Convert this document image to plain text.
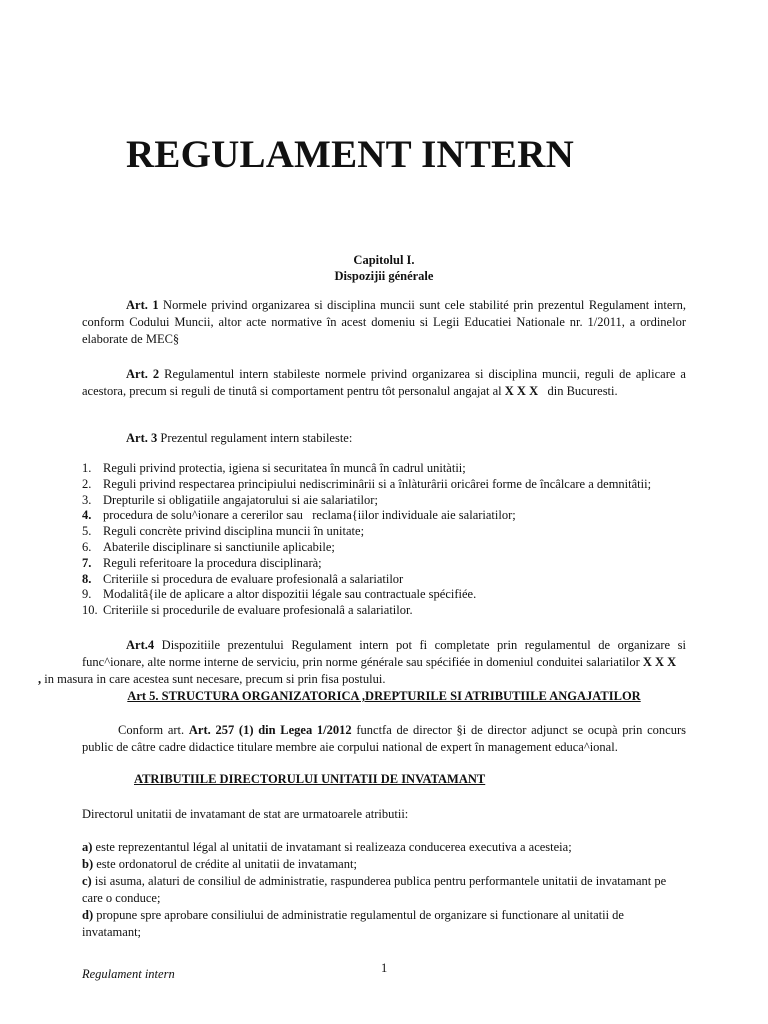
REGULAMENT INTERN
Capitolul I.
Dispozijii générale
Art. 1 Normele privind organizarea si disciplina muncii sunt cele stabilité prin prezentul Regulament intern, conform Codului Muncii, altor acte normative în acest domeniu si Legii Educatiei Nationale nr. 1/2011, a ordinelor elaborate de MEC§
Art. 2 Regulamentul intern stabileste normele privind organizarea si disciplina muncii, reguli de aplicare a acestora, precum si reguli de tinutâ si comportament pentru tôt personalul angajat al X X X   din Bucuresti.
Art. 3 Prezentul regulament intern stabileste:
1. Reguli privind protectia, igiena si securitatea în muncâ în cadrul unitàtii;
2. Reguli privind respectarea principiului nediscriminârii si a înlàturârii oricârei forme de încâlcare a demnitâtii;
3. Drepturile si obligatiile angajatorului si aie salariatilor;
4. procedura de solu^ionare a cererilor sau   reclama{iilor individuale aie salariatilor;
5. Reguli concrète privind disciplina muncii în unitate;
6. Abaterile disciplinare si sanctiunile aplicabile;
7. Reguli referitoare la procedura disciplinarà;
8. Criteriile si procedura de evaluare profesionalâ a salariatilor
9. Modalitâ{ile de aplicare a altor dispozitii légale sau contractuale spécifiée.
10. Criteriile si procedurile de evaluare profesionalâ a salariatilor.
Art.4 Dispozitiile prezentului Regulament intern pot fi completate prin regulamentul de organizare si func^ionare, alte norme interne de serviciu, prin norme générale sau spécifiée in domeniul conduitei salariatilor X X X
, in masura in care acestea sunt necesare, precum si prin fisa postului.
Art 5. STRUCTURA ORGANIZATORICA ,DREPTURILE SI ATRIBUTIILE ANGAJATILOR
Conform art. Art. 257 (1) din Legea 1/2012 functfa de director §i de director adjunct se ocupà prin concurs public de câtre cadre didactice titulare membre aie corpului national de expert în management educa^ional.
ATRIBUTIILE DIRECTORULUI UNITATII DE INVATAMANT
Directorul unitatii de invatamant de stat are urmatoarele atributii:
a) este reprezentantul légal al unitatii de invatamant si realizeaza conducerea executiva a acesteia;
b) este ordonatorul de crédite al unitatii de invatamant;
c) isi asuma, alaturi de consiliul de administratie, raspunderea publica pentru performantele unitatii de invatamant pe care o conduce;
d) propune spre aprobare consiliului de administratie regulamentul de organizare si functionare al unitatii de invatamant;
Regulament intern	1
